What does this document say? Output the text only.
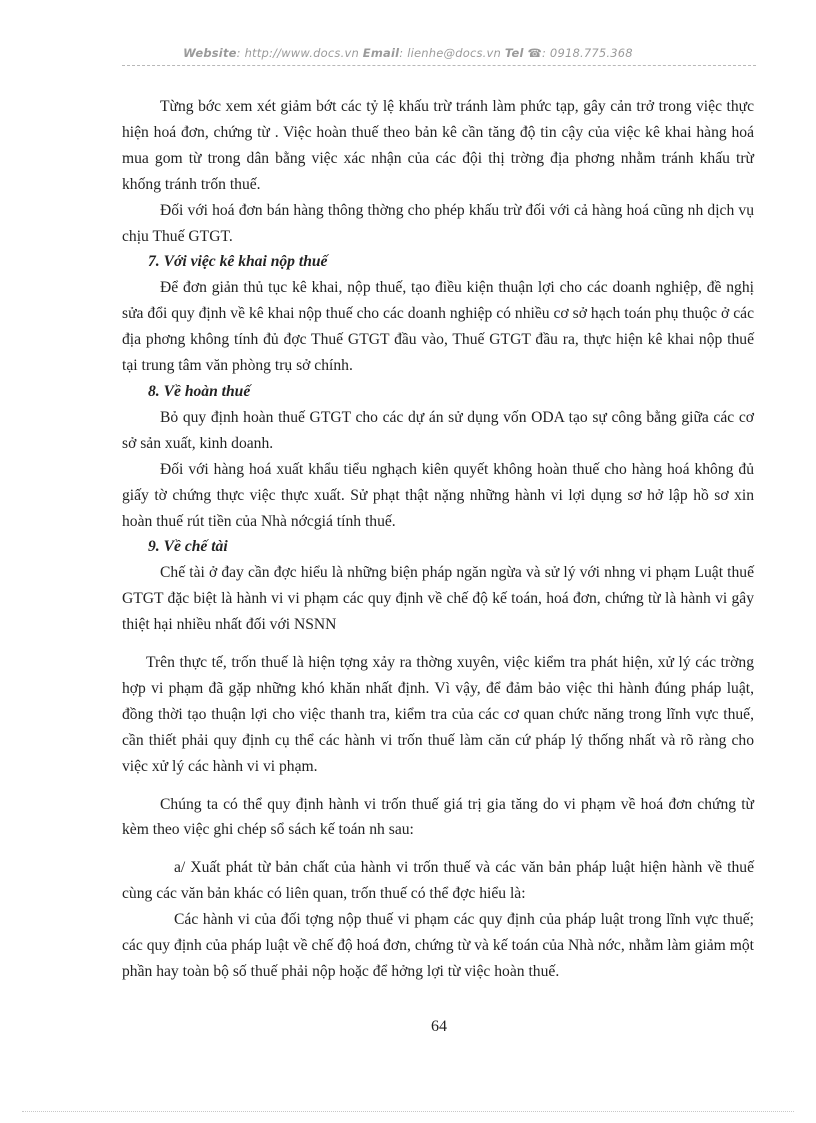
Website: http://www.docs.vn Email: lienhe@docs.vn Tel ☎: 0918.775.368

Từng bớc xem xét giảm bớt các tỷ lệ khấu trừ tránh làm phức tạp, gây cản trở trong việc thực hiện hoá đơn, chứng từ . Việc hoàn thuế theo bản kê cần tăng độ tin cậy của việc kê khai hàng hoá mua gom từ trong dân bằng việc xác nhận của các đội thị trờng địa phơng nhằm tránh khấu trừ khống tránh trốn thuế.

Đối với hoá đơn bán hàng thông thờng cho phép khấu trừ đối với cả hàng hoá cũng nh dịch vụ chịu Thuế GTGT.

7. Với việc kê khai nộp thuế

Để đơn giản thủ tục kê khai, nộp thuế, tạo điều kiện thuận lợi cho các doanh nghiệp, đề nghị sửa đổi quy định về kê khai nộp thuế cho các doanh nghiệp có nhiều cơ sở hạch toán phụ thuộc ở các địa phơng không tính đủ đợc Thuế GTGT đầu vào, Thuế GTGT đầu ra, thực hiện kê khai nộp thuế tại trung tâm văn phòng trụ sở chính.

8. Về hoàn thuế

Bỏ quy định hoàn thuế GTGT cho các dự án sử dụng vốn ODA tạo sự công bằng giữa các cơ sở sản xuất, kinh doanh.

Đối với hàng hoá xuất khẩu tiểu nghạch kiên quyết không hoàn thuế cho hàng hoá không đủ giấy tờ chứng thực việc thực xuất. Sử phạt thật nặng những hành vi lợi dụng sơ hở lập hồ sơ xin hoàn thuế rút tiền của Nhà nớcgiá tính thuế.

9. Về chế tài

Chế tài ở đay cần đợc hiểu là những biện pháp ngăn ngừa và sử lý với nhng vi phạm Luật thuế GTGT đặc biệt là hành vi vi phạm các quy định về chế độ kế toán, hoá đơn, chứng từ là hành vi gây thiệt hại nhiều nhất đối với NSNN

Trên thực tế, trốn thuế là hiện tợng xảy ra thờng xuyên, việc kiểm tra phát hiện, xử lý các trờng hợp vi phạm đã gặp những khó khăn nhất định. Vì vậy, để đảm bảo việc thi hành đúng pháp luật, đồng thời tạo thuận lợi cho việc thanh tra, kiểm tra của các cơ quan chức năng trong lĩnh vực thuế, cần thiết phải quy định cụ thể các hành vi trốn thuế làm căn cứ pháp lý thống nhất và rõ ràng cho việc xử lý các hành vi vi phạm.

Chúng ta có thể quy định hành vi trốn thuế giá trị gia tăng do vi phạm về hoá đơn chứng từ kèm theo việc ghi chép sổ sách kế toán nh sau:

a/ Xuất phát từ bản chất của hành vi trốn thuế và các văn bản pháp luật hiện hành về thuế cùng các văn bản khác có liên quan, trốn thuế có thể đợc hiểu là:

Các hành vi của đối tợng nộp thuế vi phạm các quy định của pháp luật trong lĩnh vực thuế; các quy định của pháp luật về chế độ hoá đơn, chứng từ và kế toán của Nhà nớc, nhằm làm giảm một phần hay toàn bộ số thuế phải nộp hoặc để hởng lợi từ việc hoàn thuế.

64
